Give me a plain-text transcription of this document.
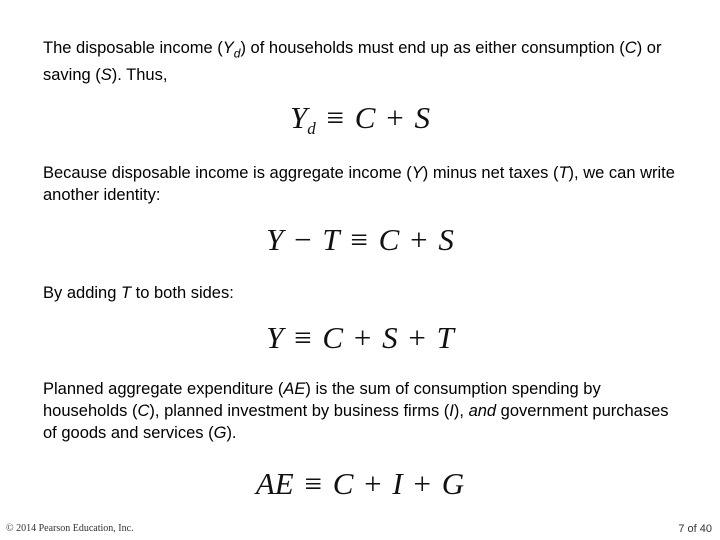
The disposable income $(Y_d)$ of households must end up as either consumption (C) or saving (S). Thus,
$Y_d \equiv C + S$
Because disposable income is aggregate income (Y) minus net taxes (T), we can write another identity:
Y − T ≡ C + S
By adding T to both sides:
Y ≡ C + S + T
Planned aggregate expenditure (AE) is the sum of consumption spending by households (C), planned investment by business firms (I), and government purchases of goods and services (G).
AE ≡ C + I + G
© 2014 Pearson Education, Inc.	7 of 40
